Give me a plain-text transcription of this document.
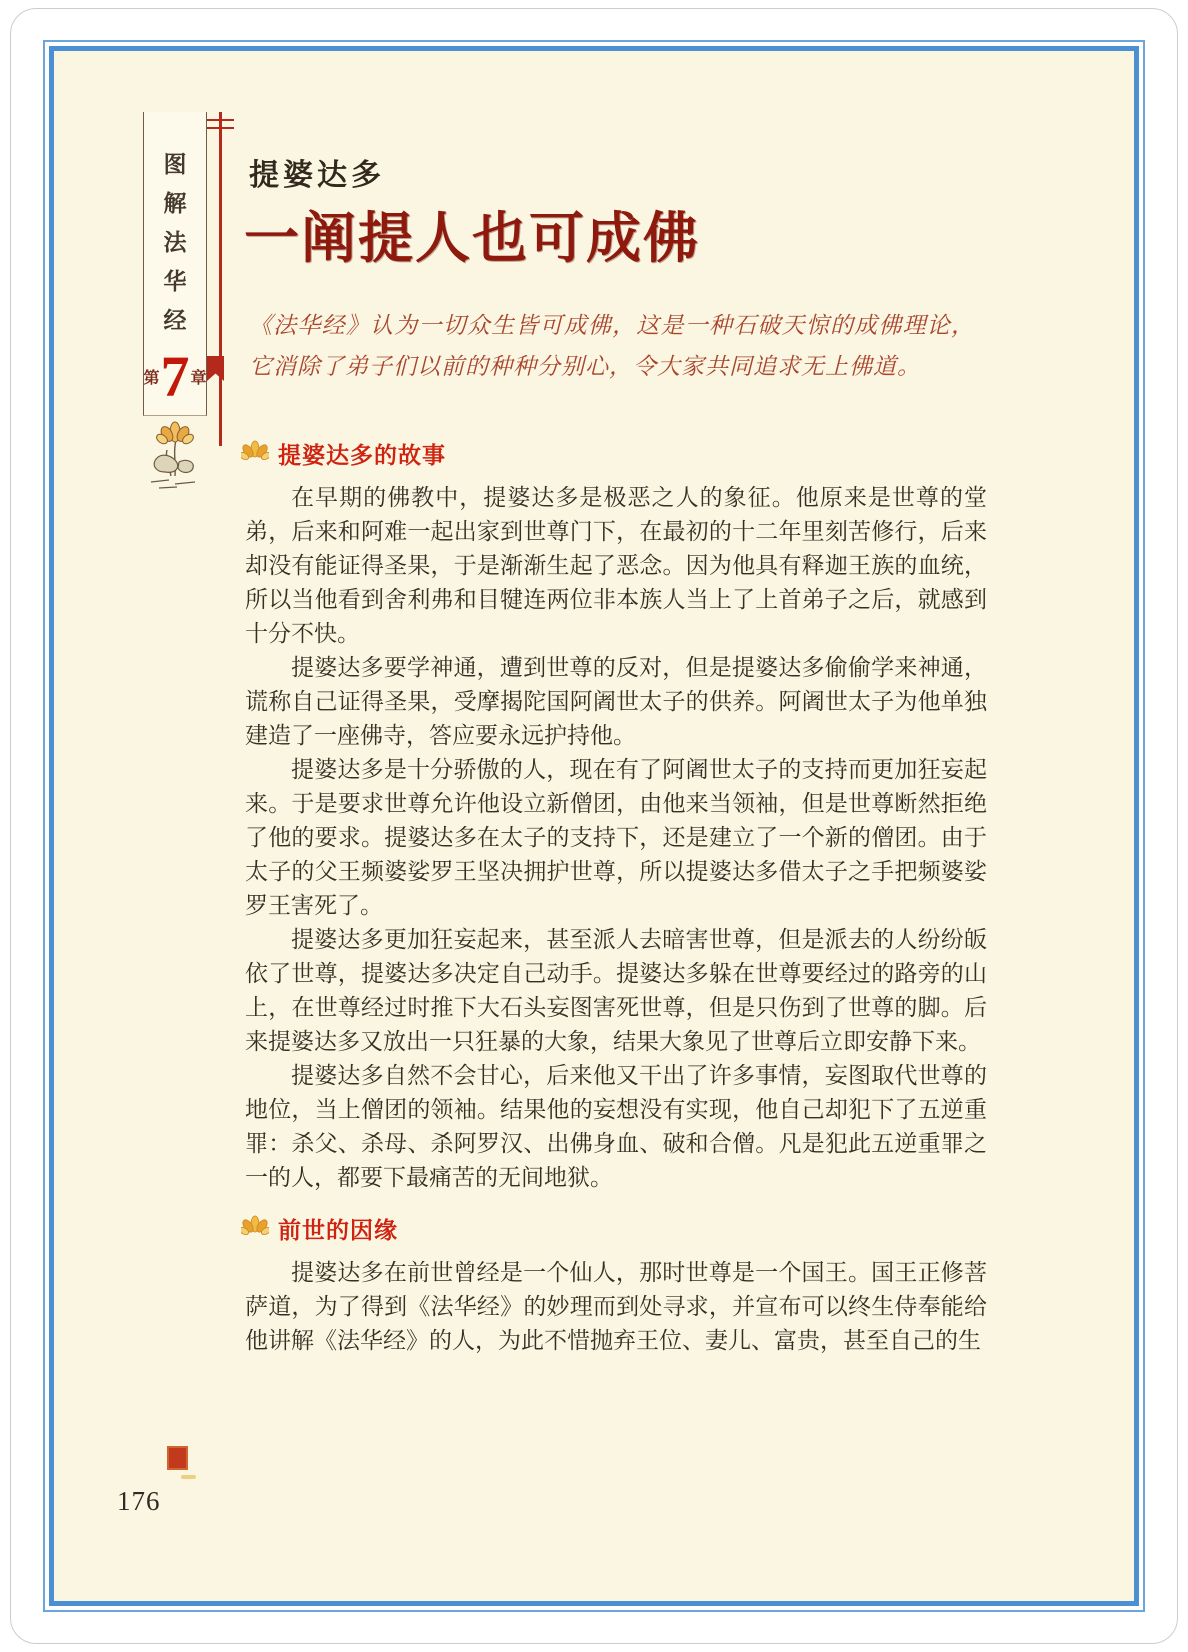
图
解
法
华
经
第 7 章
提婆达多
一阐提人也可成佛
《法华经》认为一切众生皆可成佛，这是一种石破天惊的成佛理论，它消除了弟子们以前的种种分别心，令大家共同追求无上佛道。
提婆达多的故事

在早期的佛教中，提婆达多是极恶之人的象征。他原来是世尊的堂弟，后来和阿难一起出家到世尊门下，在最初的十二年里刻苦修行，后来却没有能证得圣果，于是渐渐生起了恶念。因为他具有释迦王族的血统，所以当他看到舍利弗和目犍连两位非本族人当上了上首弟子之后，就感到十分不快。

提婆达多要学神通，遭到世尊的反对，但是提婆达多偷偷学来神通，谎称自己证得圣果，受摩揭陀国阿阇世太子的供养。阿阇世太子为他单独建造了一座佛寺，答应要永远护持他。

提婆达多是十分骄傲的人，现在有了阿阇世太子的支持而更加狂妄起来。于是要求世尊允许他设立新僧团，由他来当领袖，但是世尊断然拒绝了他的要求。提婆达多在太子的支持下，还是建立了一个新的僧团。由于太子的父王频婆娑罗王坚决拥护世尊，所以提婆达多借太子之手把频婆娑罗王害死了。

提婆达多更加狂妄起来，甚至派人去暗害世尊，但是派去的人纷纷皈依了世尊，提婆达多决定自己动手。提婆达多躲在世尊要经过的路旁的山上，在世尊经过时推下大石头妄图害死世尊，但是只伤到了世尊的脚。后来提婆达多又放出一只狂暴的大象，结果大象见了世尊后立即安静下来。

提婆达多自然不会甘心，后来他又干出了许多事情，妄图取代世尊的地位，当上僧团的领袖。结果他的妄想没有实现，他自己却犯下了五逆重罪：杀父、杀母、杀阿罗汉、出佛身血、破和合僧。凡是犯此五逆重罪之一的人，都要下最痛苦的无间地狱。

前世的因缘

提婆达多在前世曾经是一个仙人，那时世尊是一个国王。国王正修菩萨道，为了得到《法华经》的妙理而到处寻求，并宣布可以终生侍奉能给他讲解《法华经》的人，为此不惜抛弃王位、妻儿、富贵，甚至自己的生

176
